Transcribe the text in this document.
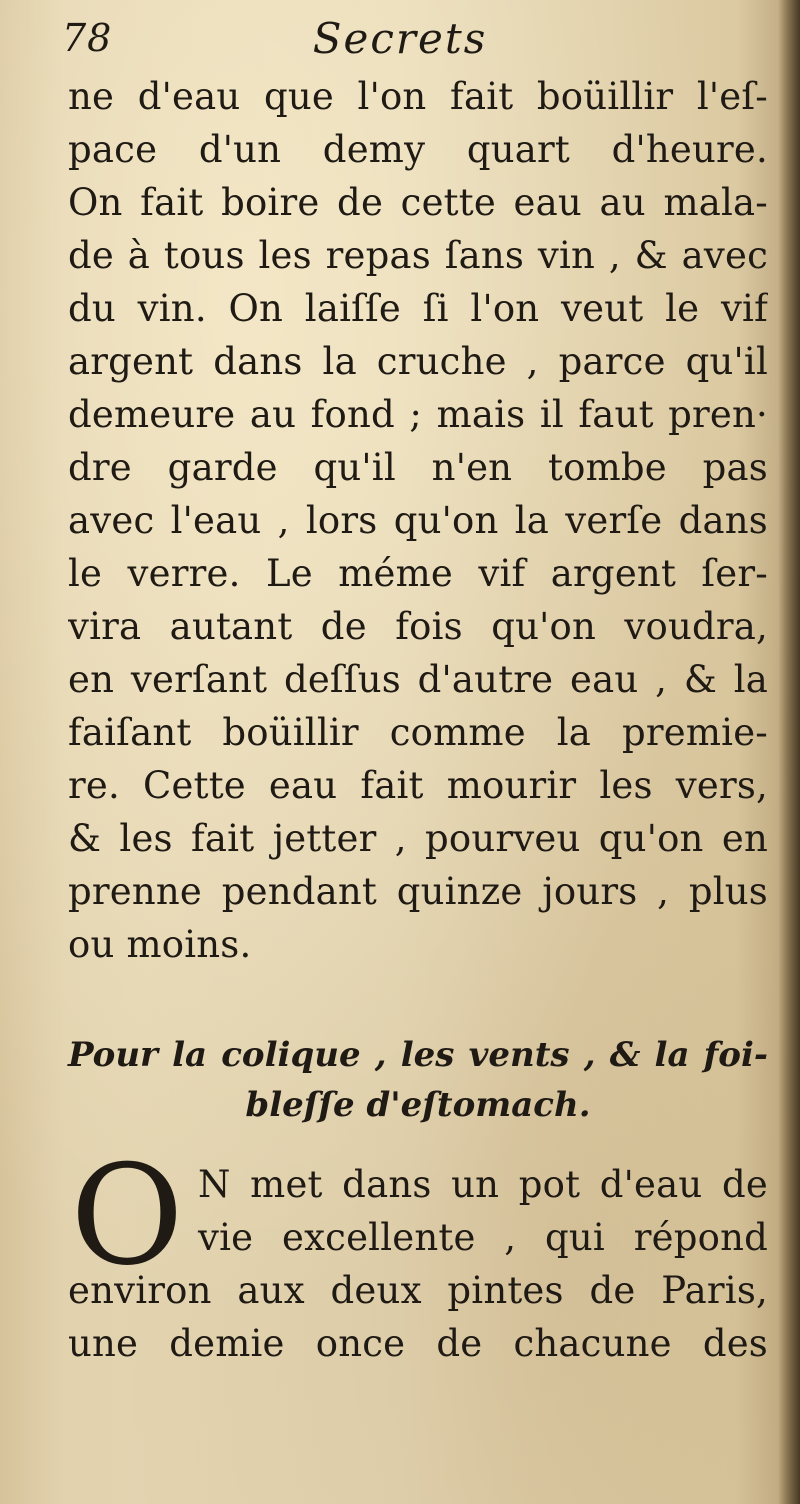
78	Secrets
ne d'eau que l'on fait boüillir l'eſ-
pace d'un demy quart d'heure.
On fait boire de cette eau au mala-
de à tous les repas ſans vin , & avec
du vin. On laiſſe ſi l'on veut le vif
argent dans la cruche , parce qu'il
demeure au fond ; mais il faut pren·
dre garde qu'il n'en tombe pas
avec l'eau , lors qu'on la verſe dans
le verre. Le méme vif argent ſer-
vira autant de fois qu'on voudra,
en verſant deſſus d'autre eau , & la
faiſant boüillir comme la premie-
re. Cette eau fait mourir les vers,
& les fait jetter , pourveu qu'on en
prenne pendant quinze jours , plus
ou moins.
Pour la colique , les vents , & la foi-
bleſſe d'eſtomach.
O N met dans un pot d'eau de
vie excellente , qui répond
environ aux deux pintes de Paris,
une demie once de chacune des
